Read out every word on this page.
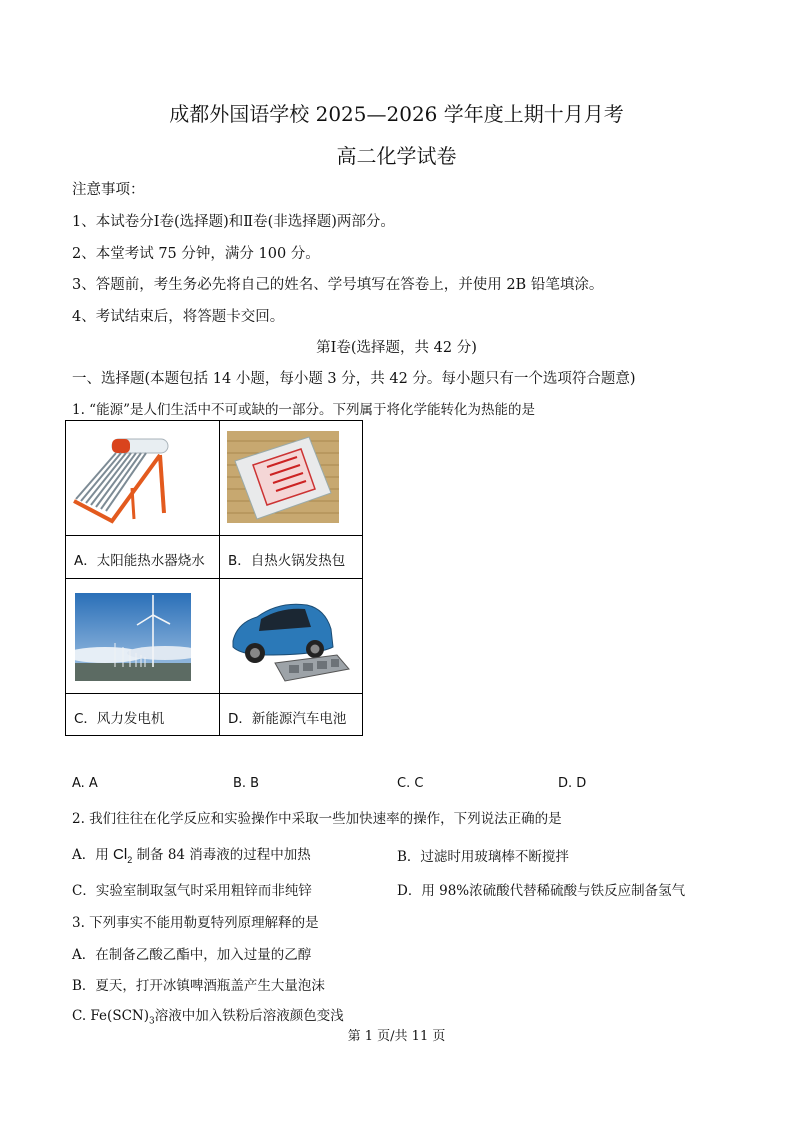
成都外国语学校 2025—2026 学年度上期十月月考
高二化学试卷
注意事项：
1、本试卷分Ⅰ卷(选择题)和Ⅱ卷(非选择题)两部分。
2、本堂考试 75 分钟，满分 100 分。
3、答题前，考生务必先将自己的姓名、学号填写在答卷上，并使用 2B 铅笔填涂。
4、考试结束后，将答题卡交回。
第Ⅰ卷(选择题，共 42 分)
一、选择题(本题包括 14 小题，每小题 3 分，共 42 分。每小题只有一个选项符合题意)
1. “能源”是人们生活中不可或缺的一部分。下列属于将化学能转化为热能的是
A．太阳能热水器烧水 B．自热火锅发热包
C．风力发电机	D．新能源汽车电池
A. A	B. B	C. C	D. D
2. 我们往往在化学反应和实验操作中采取一些加快速率的操作，下列说法正确的是
A．用 $Cl_2$ 制备 84 消毒液的过程中加热	B．过滤时用玻璃棒不断搅拌
C．实验室制取氢气时采用粗锌而非纯锌	D．用 98%浓硫酸代替稀硫酸与铁反应制备氢气
3. 下列事实不能用勒夏特列原理解释的是
A．在制备乙酸乙酯中，加入过量的乙醇
B．夏天，打开冰镇啤酒瓶盖产生大量泡沫
C. $Fe(SCN)_3$溶液中加入铁粉后溶液颜色变浅
第 1 页/共 11 页
